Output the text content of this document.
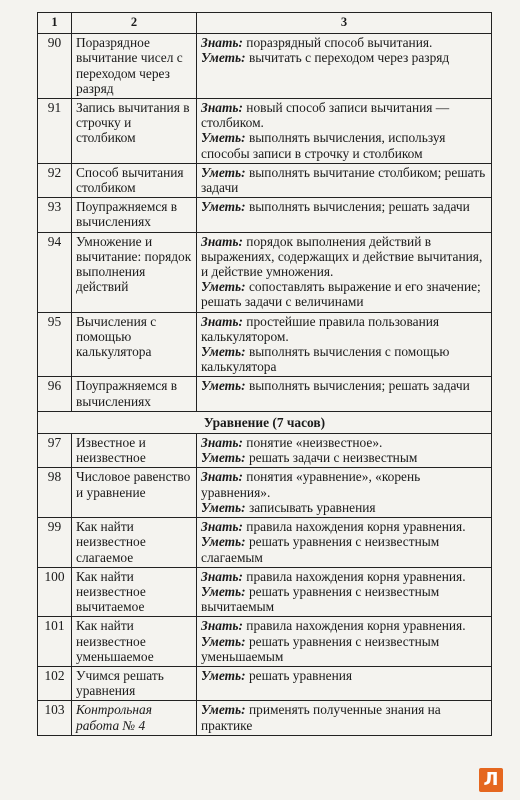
1	2	3
90	Поразрядное вычитание чисел с переходом через разряд	Знать: поразрядный способ вычитания.
Уметь: вычитать с переходом через разряд

91	Запись вычитания в строчку и столбиком	Знать: новый способ записи вычитания — столбиком.
Уметь: выполнять вычисления, используя способы записи в строчку и столбиком

92	Способ вычитания столбиком	Уметь: выполнять вычитание столбиком; решать задачи

93	Поупражняемся в вычислениях	Уметь: выполнять вычисления; решать задачи

94	Умножение и вычитание: порядок выполнения действий	Знать: порядок выполнения действий в выражениях, содержащих и действие вычитания, и действие умножения.
Уметь: сопоставлять выражение и его значение; решать задачи с величинами

95	Вычисления с помощью калькулятора	Знать: простейшие правила пользования калькулятором.
Уметь: выполнять вычисления с помощью калькулятора

96	Поупражняемся в вычислениях	Уметь: выполнять вычисления; решать задачи

Уравнение (7 часов)		
97	Известное и неизвестное	Знать: понятие «неизвестное».
Уметь: решать задачи с неизвестным

98	Числовое равенство и уравнение	Знать: понятия «уравнение», «корень уравнения».
Уметь: записывать уравнения

99	Как найти неизвестное слагаемое	Знать: правила нахождения корня уравнения.
Уметь: решать уравнения с неизвестным слагаемым

100	Как найти неизвестное вычитаемое	Знать: правила нахождения корня уравнения.
Уметь: решать уравнения с неизвестным вычитаемым

101	Как найти неизвестное уменьшаемое	Знать: правила нахождения корня уравнения.
Уметь: решать уравнения с неизвестным уменьшаемым

102	Учимся решать уравнения	Уметь: решать уравнения

103	Контрольная работа № 4	Уметь: применять полученные знания на практике
Л
